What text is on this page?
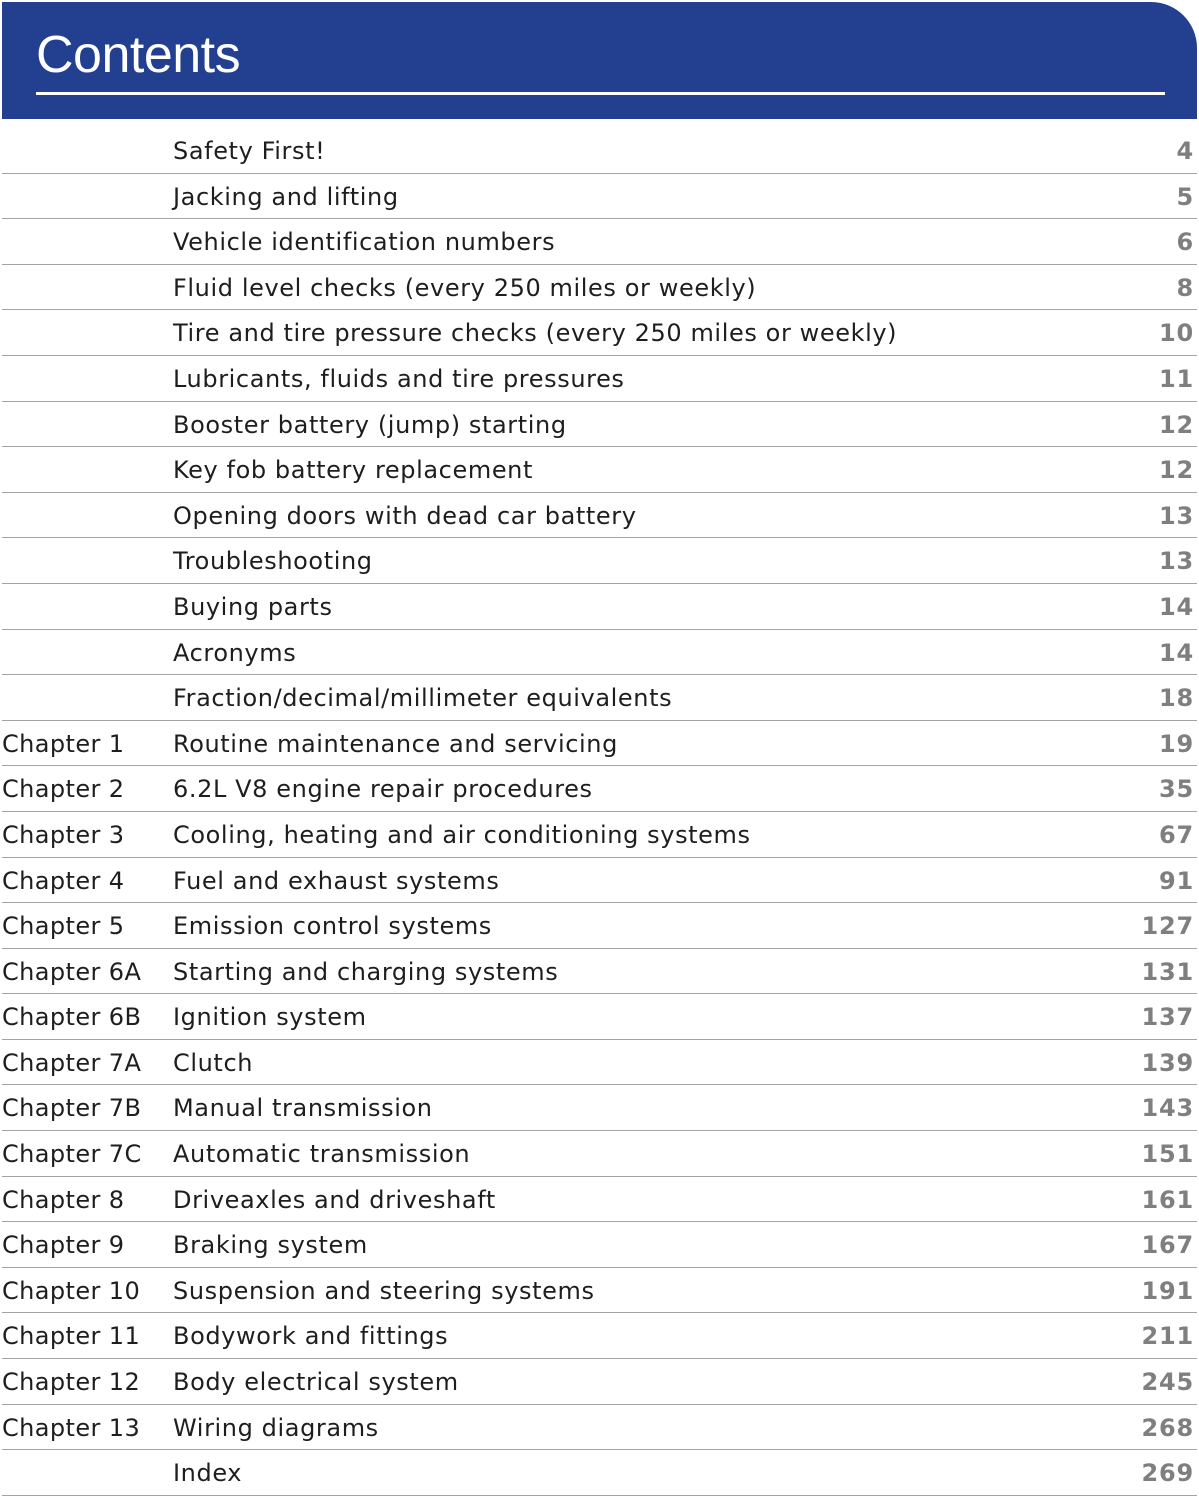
Contents
Safety First!	4
Jacking and lifting	5
Vehicle identification numbers	6
Fluid level checks (every 250 miles or weekly)	8
Tire and tire pressure checks (every 250 miles or weekly)	10
Lubricants, fluids and tire pressures	11
Booster battery (jump) starting	12
Key fob battery replacement	12
Opening doors with dead car battery	13
Troubleshooting	13
Buying parts	14
Acronyms	14
Fraction/decimal/millimeter equivalents	18
Chapter 1 Routine maintenance and servicing	19
Chapter 2 6.2L V8 engine repair procedures	35
Chapter 3 Cooling, heating and air conditioning systems	67
Chapter 4 Fuel and exhaust systems	91
Chapter 5 Emission control systems	127
Chapter 6A Starting and charging systems	131
Chapter 6B Ignition system	137
Chapter 7A Clutch	139
Chapter 7B Manual transmission	143
Chapter 7C Automatic transmission	151
Chapter 8 Driveaxles and driveshaft	161
Chapter 9 Braking system	167
Chapter 10 Suspension and steering systems	191
Chapter 11 Bodywork and fittings	211
Chapter 12 Body electrical system	245
Chapter 13 Wiring diagrams	268
Index	269
